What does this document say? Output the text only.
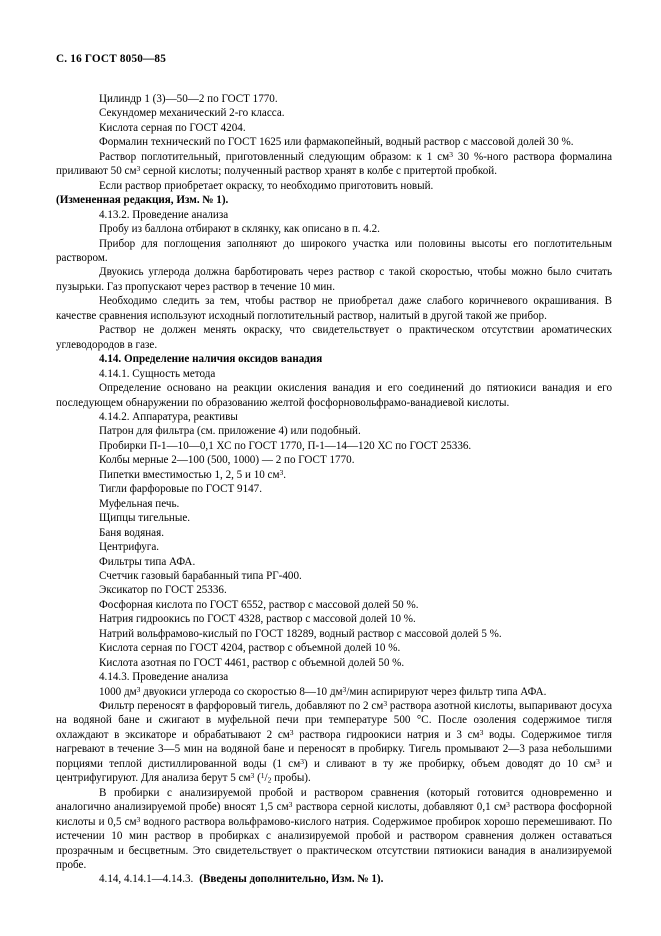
С. 16 ГОСТ 8050—85

Цилиндр 1 (3)—50—2 по ГОСТ 1770.

Секундомер механический 2-го класса.

Кислота серная по ГОСТ 4204.

Формалин технический по ГОСТ 1625 или фармакопейный, водный раствор с массовой долей 30 %.

Раствор поглотительный, приготовленный следующим образом: к 1 $см^3$ 30 %-ного раствора формалина приливают 50 $см^3$ серной кислоты; полученный раствор хранят в колбе с притертой пробкой.

Если раствор приобретает окраску, то необходимо приготовить новый.

(Измененная редакция, Изм. № 1).

4.13.2. Проведение анализа

Пробу из баллона отбирают в склянку, как описано в п. 4.2.

Прибор для поглощения заполняют до широкого участка или половины высоты его поглотительным раствором.

Двуокись углерода должна барботировать через раствор с такой скоростью, чтобы можно было считать пузырьки. Газ пропускают через раствор в течение 10 мин.

Необходимо следить за тем, чтобы раствор не приобретал даже слабого коричневого окрашивания. В качестве сравнения используют исходный поглотительный раствор, налитый в другой такой же прибор.

Раствор не должен менять окраску, что свидетельствует о практическом отсутствии ароматических углеводородов в газе.

4.14. Определение наличия оксидов ванадия

4.14.1. Сущность метода

Определение основано на реакции окисления ванадия и его соединений до пятиокиси ванадия и его последующем обнаружении по образованию желтой фосфорновольфрамо-ванадиевой кислоты.

4.14.2. Аппаратура, реактивы

Патрон для фильтра (см. приложение 4) или подобный.

Пробирки П-1—10—0,1 ХС по ГОСТ 1770, П-1—14—120 ХС по ГОСТ 25336.

Колбы мерные 2—100 (500, 1000) — 2 по ГОСТ 1770.

Пипетки вместимостью 1, 2, 5 и 10 $см^3$.

Тигли фарфоровые по ГОСТ 9147.

Муфельная печь.

Щипцы тигельные.

Баня водяная.

Центрифуга.

Фильтры типа АФА.

Счетчик газовый барабанный типа РГ-400.

Эксикатор по ГОСТ 25336.

Фосфорная кислота по ГОСТ 6552, раствор с массовой долей 50 %.

Натрия гидроокись по ГОСТ 4328, раствор с массовой долей 10 %.

Натрий вольфрамово-кислый по ГОСТ 18289, водный раствор с массовой долей 5 %.

Кислота серная по ГОСТ 4204, раствор с объемной долей 10 %.

Кислота азотная по ГОСТ 4461, раствор с объемной долей 50 %.

4.14.3. Проведение анализа

1000 $дм^3$ двуокиси углерода со скоростью 8—10 $дм^3$/мин аспирируют через фильтр типа АФА.

Фильтр переносят в фарфоровый тигель, добавляют по 2 $см^3$ раствора азотной кислоты, выпаривают досуха на водяной бане и сжигают в муфельной печи при температуре 500 °С. После озоления содержимое тигля охлаждают в эксикаторе и обрабатывают 2 $см^3$ раствора гидроокиси натрия и 3 $см^3$ воды. Содержимое тигля нагревают в течение 3—5 мин на водяной бане и переносят в пробирку. Тигель промывают 2—3 раза небольшими порциями теплой дистиллированной воды (1 $см^3$) и сливают в ту же пробирку, объем доводят до 10 $см^3$ и центрифугируют. Для анализа берут 5 $см^3$ ($^1/_2$ пробы).

В пробирки с анализируемой пробой и раствором сравнения (который готовится одновременно и аналогично анализируемой пробе) вносят 1,5 $см^3$ раствора серной кислоты, добавляют 0,1 $см^3$ раствора фосфорной кислоты и 0,5 $см^3$ водного раствора вольфрамово-кислого натрия. Содержимое пробирок хорошо перемешивают. По истечении 10 мин раствор в пробирках с анализируемой пробой и раствором сравнения должен оставаться прозрачным и бесцветным. Это свидетельствует о практическом отсутствии пятиокиси ванадия в анализируемой пробе.

4.14, 4.14.1—4.14.3. (Введены дополнительно, Изм. № 1).
